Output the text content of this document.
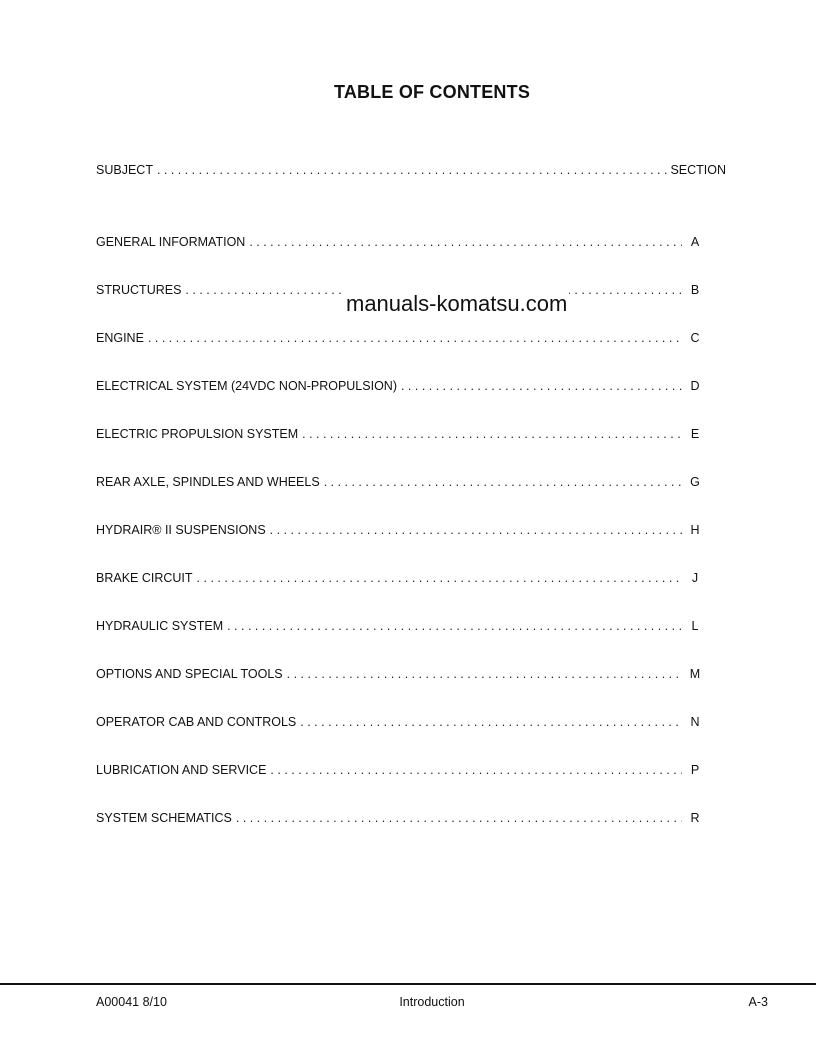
TABLE OF CONTENTS
SUBJECT . . .	SECTION
GENERAL INFORMATION . . .	A
STRUCTURES . . .	B
ENGINE . . .	C
ELECTRICAL SYSTEM (24VDC NON-PROPULSION) . . .	D
ELECTRIC PROPULSION SYSTEM . . .	E
REAR AXLE, SPINDLES AND WHEELS . . .	G
HYDRAIR® II SUSPENSIONS . . .	H
BRAKE CIRCUIT . . .	J
HYDRAULIC SYSTEM . . .	L
OPTIONS AND SPECIAL TOOLS . . .	M
OPERATOR CAB AND CONTROLS . . .	N
LUBRICATION AND SERVICE . . .	P
SYSTEM SCHEMATICS . . .	R
manuals-komatsu.com
A00041 8/10	Introduction	A-3
